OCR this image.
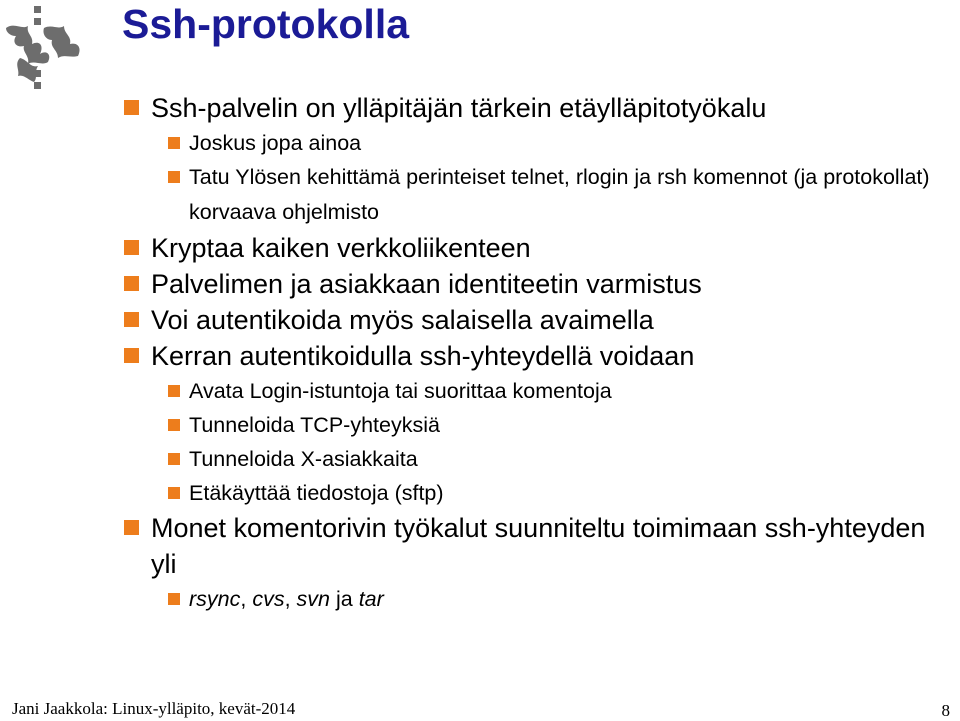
Ssh-protokolla
Ssh-palvelin on ylläpitäjän tärkein etäylläpitotyökalu
Joskus jopa ainoa
Tatu Ylösen kehittämä perinteiset telnet, rlogin ja rsh komennot (ja protokollat) korvaava ohjelmisto
Kryptaa kaiken verkkoliikenteen
Palvelimen ja asiakkaan identiteetin varmistus
Voi autentikoida myös salaisella avaimella
Kerran autentikoidulla ssh-yhteydellä voidaan
Avata Login-istuntoja tai suorittaa komentoja
Tunneloida TCP-yhteyksiä
Tunneloida X-asiakkaita
Etäkäyttää tiedostoja (sftp)
Monet komentorivin työkalut suunniteltu toimimaan ssh-yhteyden yli
rsync, cvs, svn ja tar
Jani Jaakkola: Linux-ylläpito, kevät-2014	8
